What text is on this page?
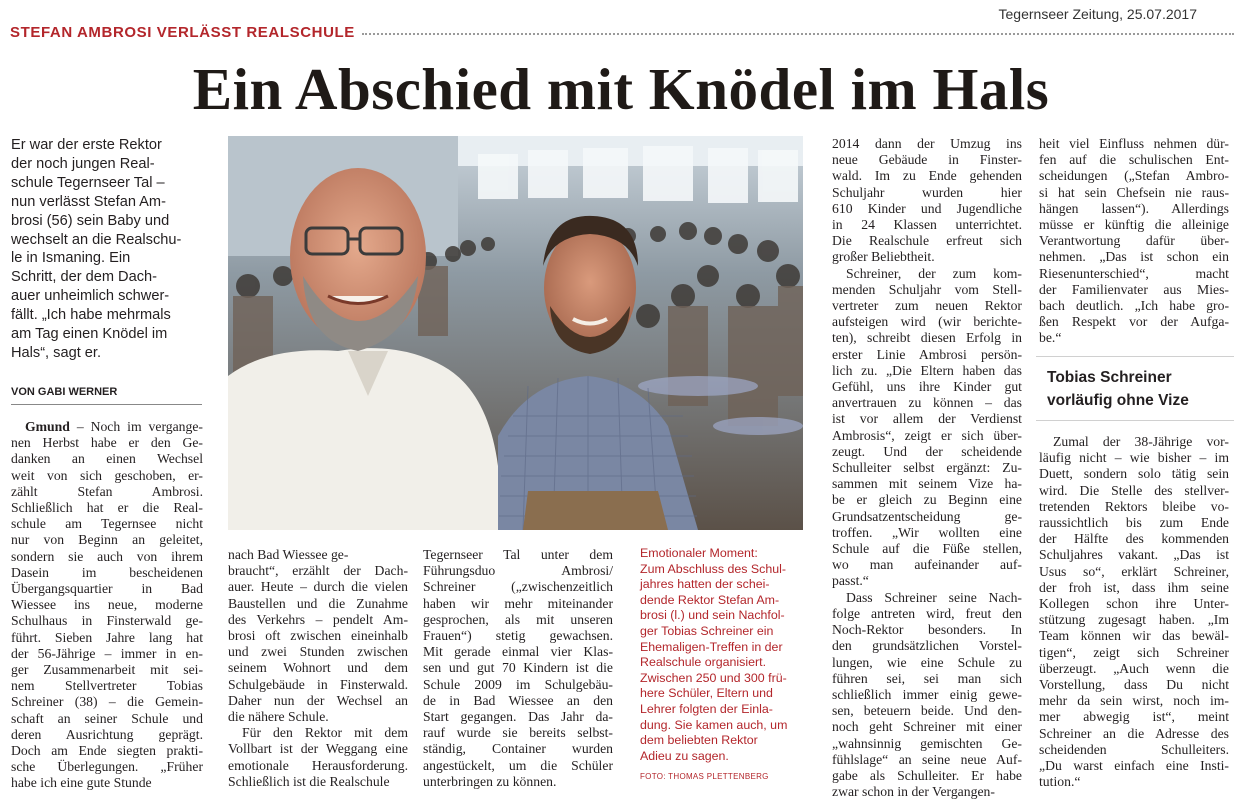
Tegernseer Zeitung, 25.07.2017
STEFAN AMBROSI VERLÄSST REALSCHULE
Ein Abschied mit Knödel im Hals

Er war der erste Rektor

der noch jungen Real-

schule Tegernseer Tal –

nun verlässt Stefan Am-

brosi (56) sein Baby und

wechselt an die Realschu-

le in Ismaning. Ein

Schritt, der dem Dach-

auer unheimlich schwer-

fällt. „Ich habe mehrmals

am Tag einen Knödel im

Hals“, sagt er.

VON GABI WERNER

Gmund – Noch im vergange-

nen Herbst habe er den Ge-

danken an einen Wechsel

weit von sich geschoben, er-

zählt Stefan Ambrosi.

Schließlich hat er die Real-

schule am Tegernsee nicht

nur von Beginn an geleitet,

sondern sie auch von ihrem

Dasein im bescheidenen

Übergangsquartier in Bad

Wiessee ins neue, moderne

Schulhaus in Finsterwald ge-

führt. Sieben Jahre lang hat

der 56-Jährige – immer in en-

ger Zusammenarbeit mit sei-

nem Stellvertreter Tobias

Schreiner (38) – die Gemein-

schaft an seiner Schule und

deren Ausrichtung geprägt.

Doch am Ende siegten prakti-

sche Überlegungen. „Früher

habe ich eine gute Stunde

nach Bad Wiessee ge-

braucht“, erzählt der Dach-

auer. Heute – durch die vielen

Baustellen und die Zunahme

des Verkehrs – pendelt Am-

brosi oft zwischen eineinhalb

und zwei Stunden zwischen

seinem Wohnort und dem

Schulgebäude in Finsterwald.

Daher nun der Wechsel an

die nähere Schule.

Für den Rektor mit dem

Vollbart ist der Weggang eine

emotionale Herausforderung.

Schließlich ist die Realschule

Tegernseer Tal unter dem

Führungsduo Ambrosi/

Schreiner („zwischenzeitlich

haben wir mehr miteinander

gesprochen, als mit unseren

Frauen“) stetig gewachsen.

Mit gerade einmal vier Klas-

sen und gut 70 Kindern ist die

Schule 2009 im Schulgebäu-

de in Bad Wiessee an den

Start gegangen. Das Jahr da-

rauf wurde sie bereits selbst-

ständig, Container wurden

angestückelt, um die Schüler

unterbringen zu können.

Emotionaler Moment:

Zum Abschluss des Schul-

jahres hatten der schei-

dende Rektor Stefan Am-

brosi (l.) und sein Nachfol-

ger Tobias Schreiner ein

Ehemaligen-Treffen in der

Realschule organisiert.

Zwischen 250 und 300 frü-

here Schüler, Eltern und

Lehrer folgten der Einla-

dung. Sie kamen auch, um

dem beliebten Rektor

Adieu zu sagen.

FOTO: THOMAS PLETTENBERG

2014 dann der Umzug ins

neue Gebäude in Finster-

wald. Im zu Ende gehenden

Schuljahr wurden hier

610 Kinder und Jugendliche

in 24 Klassen unterrichtet.

Die Realschule erfreut sich

großer Beliebtheit.

Schreiner, der zum kom-

menden Schuljahr vom Stell-

vertreter zum neuen Rektor

aufsteigen wird (wir berichte-

ten), schreibt diesen Erfolg in

erster Linie Ambrosi persön-

lich zu. „Die Eltern haben das

Gefühl, uns ihre Kinder gut

anvertrauen zu können – das

ist vor allem der Verdienst

Ambrosis“, zeigt er sich über-

zeugt. Und der scheidende

Schulleiter selbst ergänzt: Zu-

sammen mit seinem Vize ha-

be er gleich zu Beginn eine

Grundsatzentscheidung ge-

troffen. „Wir wollten eine

Schule auf die Füße stellen,

wo man aufeinander auf-

passt.“

Dass Schreiner seine Nach-

folge antreten wird, freut den

Noch-Rektor besonders. In

den grundsätzlichen Vorstel-

lungen, wie eine Schule zu

führen sei, sei man sich

schließlich immer einig gewe-

sen, beteuern beide. Und den-

noch geht Schreiner mit einer

„wahnsinnig gemischten Ge-

fühlslage“ an seine neue Auf-

gabe als Schulleiter. Er habe

zwar schon in der Vergangen-

heit viel Einfluss nehmen dür-

fen auf die schulischen Ent-

scheidungen („Stefan Ambro-

si hat sein Chefsein nie raus-

hängen lassen“). Allerdings

müsse er künftig die alleinige

Verantwortung dafür über-

nehmen. „Das ist schon ein

Riesenunterschied“, macht

der Familienvater aus Mies-

bach deutlich. „Ich habe gro-

ßen Respekt vor der Aufga-

be.“

Tobias Schreiner

vorläufig ohne Vize

Zumal der 38-Jährige vor-

läufig nicht – wie bisher – im

Duett, sondern solo tätig sein

wird. Die Stelle des stellver-

tretenden Rektors bleibe vo-

raussichtlich bis zum Ende

der Hälfte des kommenden

Schuljahres vakant. „Das ist

Usus so“, erklärt Schreiner,

der froh ist, dass ihm seine

Kollegen schon ihre Unter-

stützung zugesagt haben. „Im

Team können wir das bewäl-

tigen“, zeigt sich Schreiner

überzeugt. „Auch wenn die

Vorstellung, dass Du nicht

mehr da sein wirst, noch im-

mer abwegig ist“, meint

Schreiner an die Adresse des

scheidenden Schulleiters.

„Du warst einfach eine Insti-

tution.“
